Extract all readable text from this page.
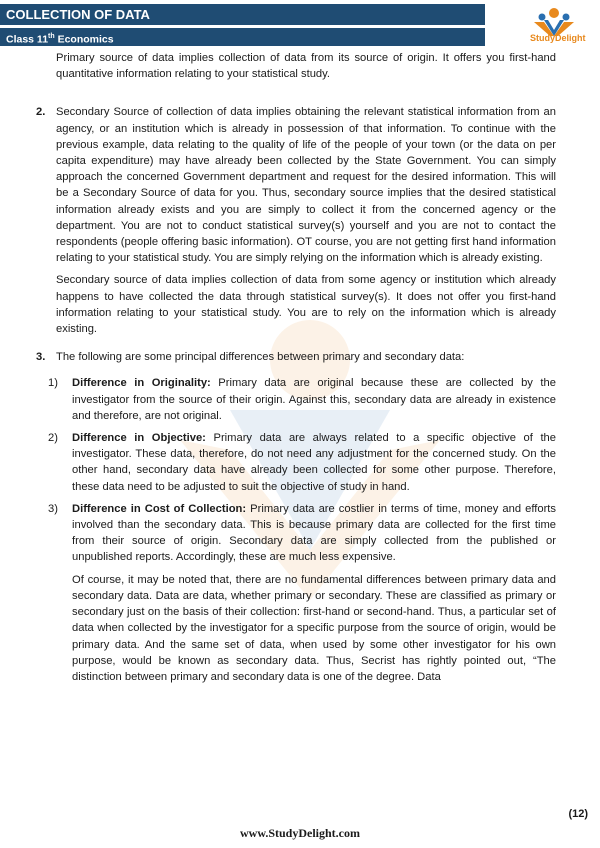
COLLECTION OF DATA
Class 11th Economics	StudyDelight

Primary source of data implies collection of data from its source of origin. It offers you first-hand quantitative information relating to your statistical study.

2. Secondary Source of collection of data implies obtaining the relevant statistical information from an agency, or an institution which is already in possession of that information. To continue with the previous example, data relating to the quality of life of the people of your town (or the data on per capita expenditure) may have already been collected by the State Government. You can simply approach the concerned Government department and request for the desired information. This will be a Secondary Source of data for you. Thus, secondary source implies that the desired statistical information already exists and you are simply to collect it from the concerned agency or the department. You are not to conduct statistical survey(s) yourself and you are not to contact the respondents (people offering basic information). OT course, you are not getting first hand information relating to your statistical study. You are simply relying on the information which is already existing.

Secondary source of data implies collection of data from some agency or institution which already happens to have collected the data through statistical survey(s). It does not offer you first-hand information relating to your statistical study. You are to rely on the information which is already existing.

3. The following are some principal differences between primary and secondary data:

1)	Difference in Originality: Primary data are original because these are collected by the investigator from the source of their origin. Against this, secondary data are already in existence and therefore, are not original.
2)	Difference in Objective: Primary data are always related to a specific objective of the investigator. These data, therefore, do not need any adjustment for the concerned study. On the other hand, secondary data have already been collected for some other purpose. Therefore, these data need to be adjusted to suit the objective of study in hand.
3)	Difference in Cost of Collection: Primary data are costlier in terms of time, money and efforts involved than the secondary data. This is because primary data are collected for the first time from their source of origin. Secondary data are simply collected from the published or unpublished reports. Accordingly, these are much less expensive.

Of course, it may be noted that, there are no fundamental differences between primary data and secondary data. Data are data, whether primary or secondary. These are classified as primary or secondary just on the basis of their collection: first-hand or second-hand. Thus, a particular set of data when collected by the investigator for a specific purpose from the source of origin, would be primary data. And the same set of data, when used by some other investigator for his own purpose, would be known as secondary data. Thus, Secrist has rightly pointed out, “The distinction between primary and secondary data is one of the degree. Data

(12)
www.StudyDelight.com
